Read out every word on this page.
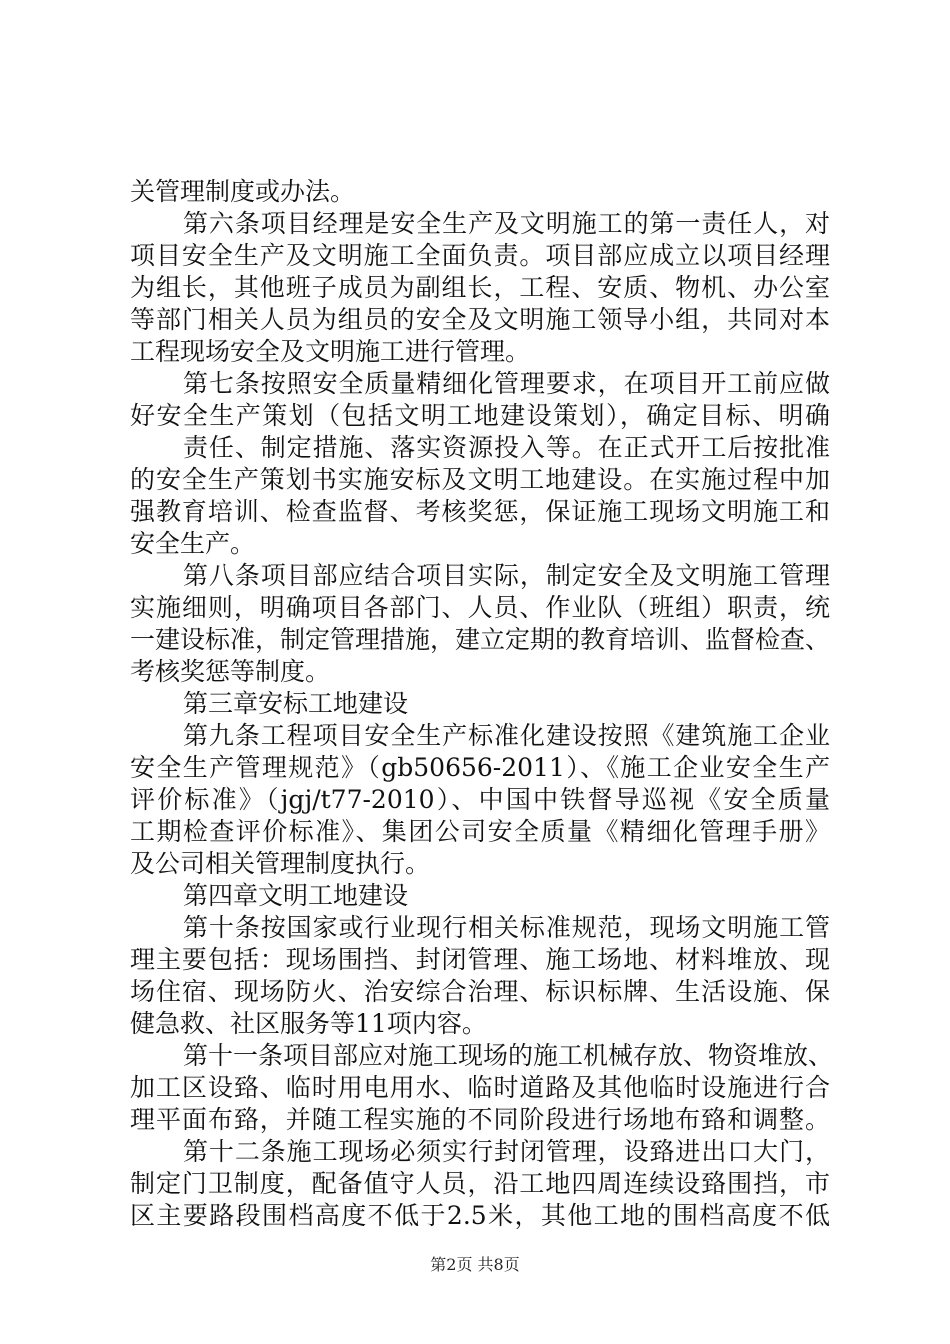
关管理制度或办法。
第六条项目经理是安全生产及文明施工的第一责任人，对
项目安全生产及文明施工全面负责。项目部应成立以项目经理
为组长，其他班子成员为副组长，工程、安质、物机、办公室
等部门相关人员为组员的安全及文明施工领导小组，共同对本
工程现场安全及文明施工进行管理。
第七条按照安全质量精细化管理要求，在项目开工前应做
好安全生产策划（包括文明工地建设策划），确定目标、明确
责任、制定措施、落实资源投入等。在正式开工后按批准
的安全生产策划书实施安标及文明工地建设。在实施过程中加
强教育培训、检查监督、考核奖惩，保证施工现场文明施工和
安全生产。
第八条项目部应结合项目实际，制定安全及文明施工管理
实施细则，明确项目各部门、人员、作业队（班组）职责，统
一建设标准，制定管理措施，建立定期的教育培训、监督检查、
考核奖惩等制度。
第三章安标工地建设
第九条工程项目安全生产标准化建设按照《建筑施工企业
安全生产管理规范》（gb50656-2011）、《施工企业安全生产
评价标准》（jgj/t77-2010）、中国中铁督导巡视《安全质量
工期检查评价标准》、集团公司安全质量《精细化管理手册》
及公司相关管理制度执行。
第四章文明工地建设
第十条按国家或行业现行相关标准规范，现场文明施工管
理主要包括：现场围挡、封闭管理、施工场地、材料堆放、现
场住宿、现场防火、治安综合治理、标识标牌、生活设施、保
健急救、社区服务等11项内容。
第十一条项目部应对施工现场的施工机械存放、物资堆放、
加工区设臵、临时用电用水、临时道路及其他临时设施进行合
理平面布臵，并随工程实施的不同阶段进行场地布臵和调整。
第十二条施工现场必须实行封闭管理，设臵进出口大门，
制定门卫制度，配备值守人员，沿工地四周连续设臵围挡，市
区主要路段围档高度不低于2.5米，其他工地的围档高度不低
第2页 共8页
